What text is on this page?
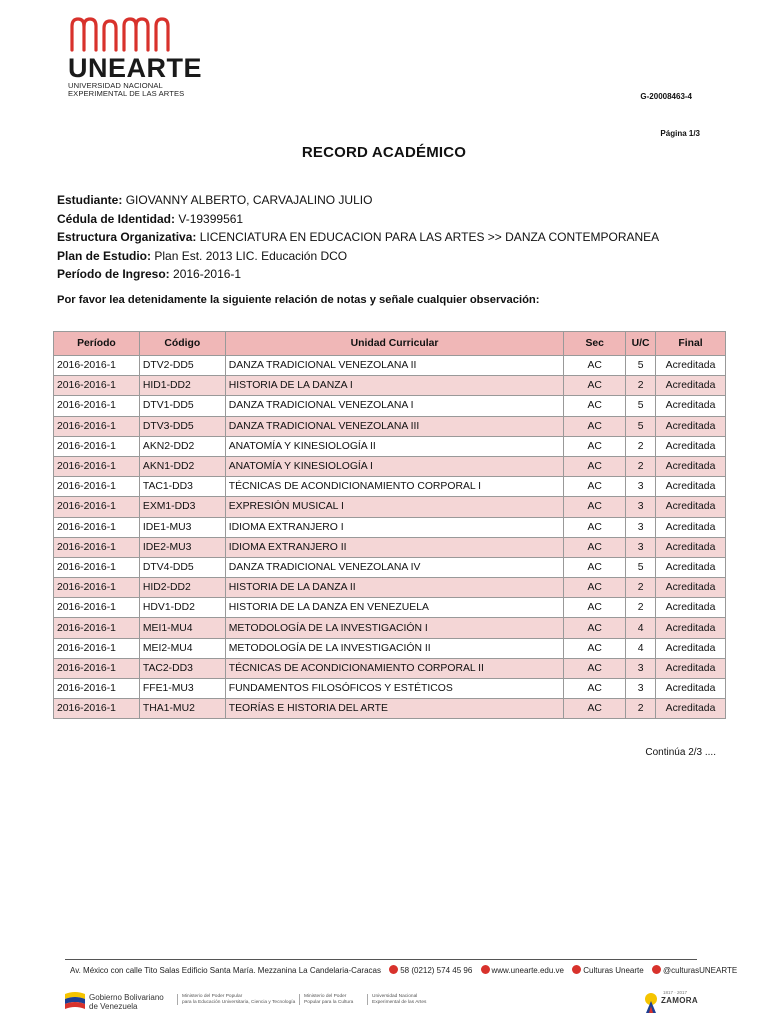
UNEARTE
UNIVERSIDAD NACIONAL
EXPERIMENTAL DE LAS ARTES	G-20008463-4
Página 1/3
RECORD ACADÉMICO
Estudiante: GIOVANNY ALBERTO, CARVAJALINO JULIO
Cédula de Identidad: V-19399561
Estructura Organizativa: LICENCIATURA EN EDUCACION PARA LAS ARTES >> DANZA CONTEMPORANEA
Plan de Estudio: Plan Est. 2013 LIC. Educación DCO
Período de Ingreso: 2016-2016-1
Por favor lea detenidamente la siguiente relación de notas y señale cualquier observación:
Período	Código	Unidad Curricular	Sec	U/C	Final
2016-2016-1	DTV2-DD5	DANZA TRADICIONAL VENEZOLANA II	AC	5	Acreditada
2016-2016-1	HID1-DD2	HISTORIA DE LA DANZA I	AC	2	Acreditada
2016-2016-1	DTV1-DD5	DANZA TRADICIONAL VENEZOLANA I	AC	5	Acreditada
2016-2016-1	DTV3-DD5	DANZA TRADICIONAL VENEZOLANA III	AC	5	Acreditada
2016-2016-1	AKN2-DD2	ANATOMÍA Y KINESIOLOGÍA II	AC	2	Acreditada
2016-2016-1	AKN1-DD2	ANATOMÍA Y KINESIOLOGÍA I	AC	2	Acreditada
2016-2016-1	TAC1-DD3	TÉCNICAS DE ACONDICIONAMIENTO CORPORAL I	AC	3	Acreditada
2016-2016-1	EXM1-DD3	EXPRESIÓN MUSICAL I	AC	3	Acreditada
2016-2016-1	IDE1-MU3	IDIOMA EXTRANJERO I	AC	3	Acreditada
2016-2016-1	IDE2-MU3	IDIOMA EXTRANJERO II	AC	3	Acreditada
2016-2016-1	DTV4-DD5	DANZA TRADICIONAL VENEZOLANA IV	AC	5	Acreditada
2016-2016-1	HID2-DD2	HISTORIA DE LA DANZA II	AC	2	Acreditada
2016-2016-1	HDV1-DD2	HISTORIA DE LA DANZA EN VENEZUELA	AC	2	Acreditada
2016-2016-1	MEI1-MU4	METODOLOGÍA DE LA INVESTIGACIÓN I	AC	4	Acreditada
2016-2016-1	MEI2-MU4	METODOLOGÍA DE LA INVESTIGACIÓN II	AC	4	Acreditada
2016-2016-1	TAC2-DD3	TÉCNICAS DE ACONDICIONAMIENTO CORPORAL II	AC	3	Acreditada
2016-2016-1	FFE1-MU3	FUNDAMENTOS FILOSÓFICOS Y ESTÉTICOS	AC	3	Acreditada
2016-2016-1	THA1-MU2	TEORÍAS E HISTORIA DEL ARTE	AC	2	Acreditada
Continúa 2/3 ....
Av. México con calle Tito Salas Edificio Santa María. Mezzanina La Candelaria-Caracas 58 (0212) 574 45 96 www.unearte.edu.ve Culturas Unearte @culturasUNEARTE
Gobierno Bolivariano
de Venezuela
Ministerio del Poder Popular
para la Educación Universitaria, Ciencia y Tecnología
Ministerio del Poder
Popular para la Cultura
Universidad Nacional
Experimental de las Artes
1817 · 2017
ZAMORA
